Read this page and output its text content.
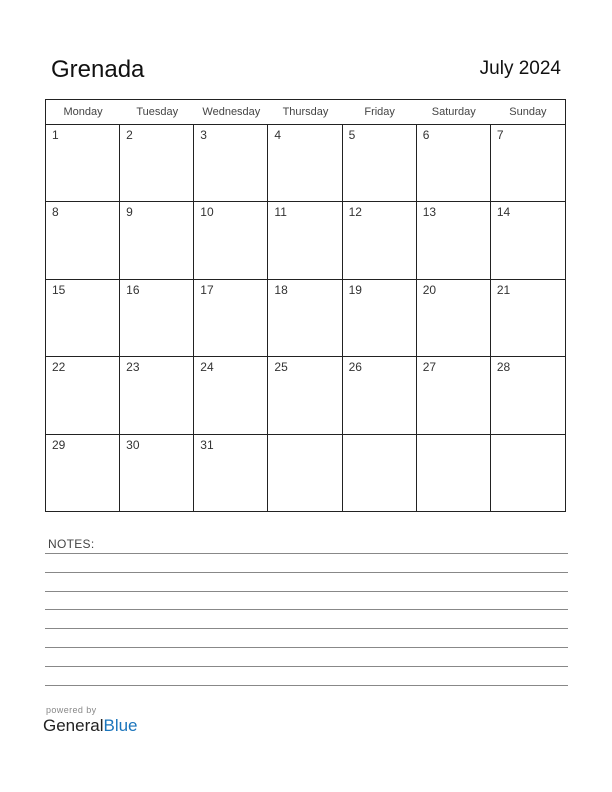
Grenada	July 2024
Monday	Tuesday	Wednesday	Thursday	Friday	Saturday	Sunday
1	2	3	4	5	6	7
8	9	10	11	12	13	14
15	16	17	18	19	20	21
22	23	24	25	26	27	28
29	30	31
NOTES:
powered by
GeneralBlue
